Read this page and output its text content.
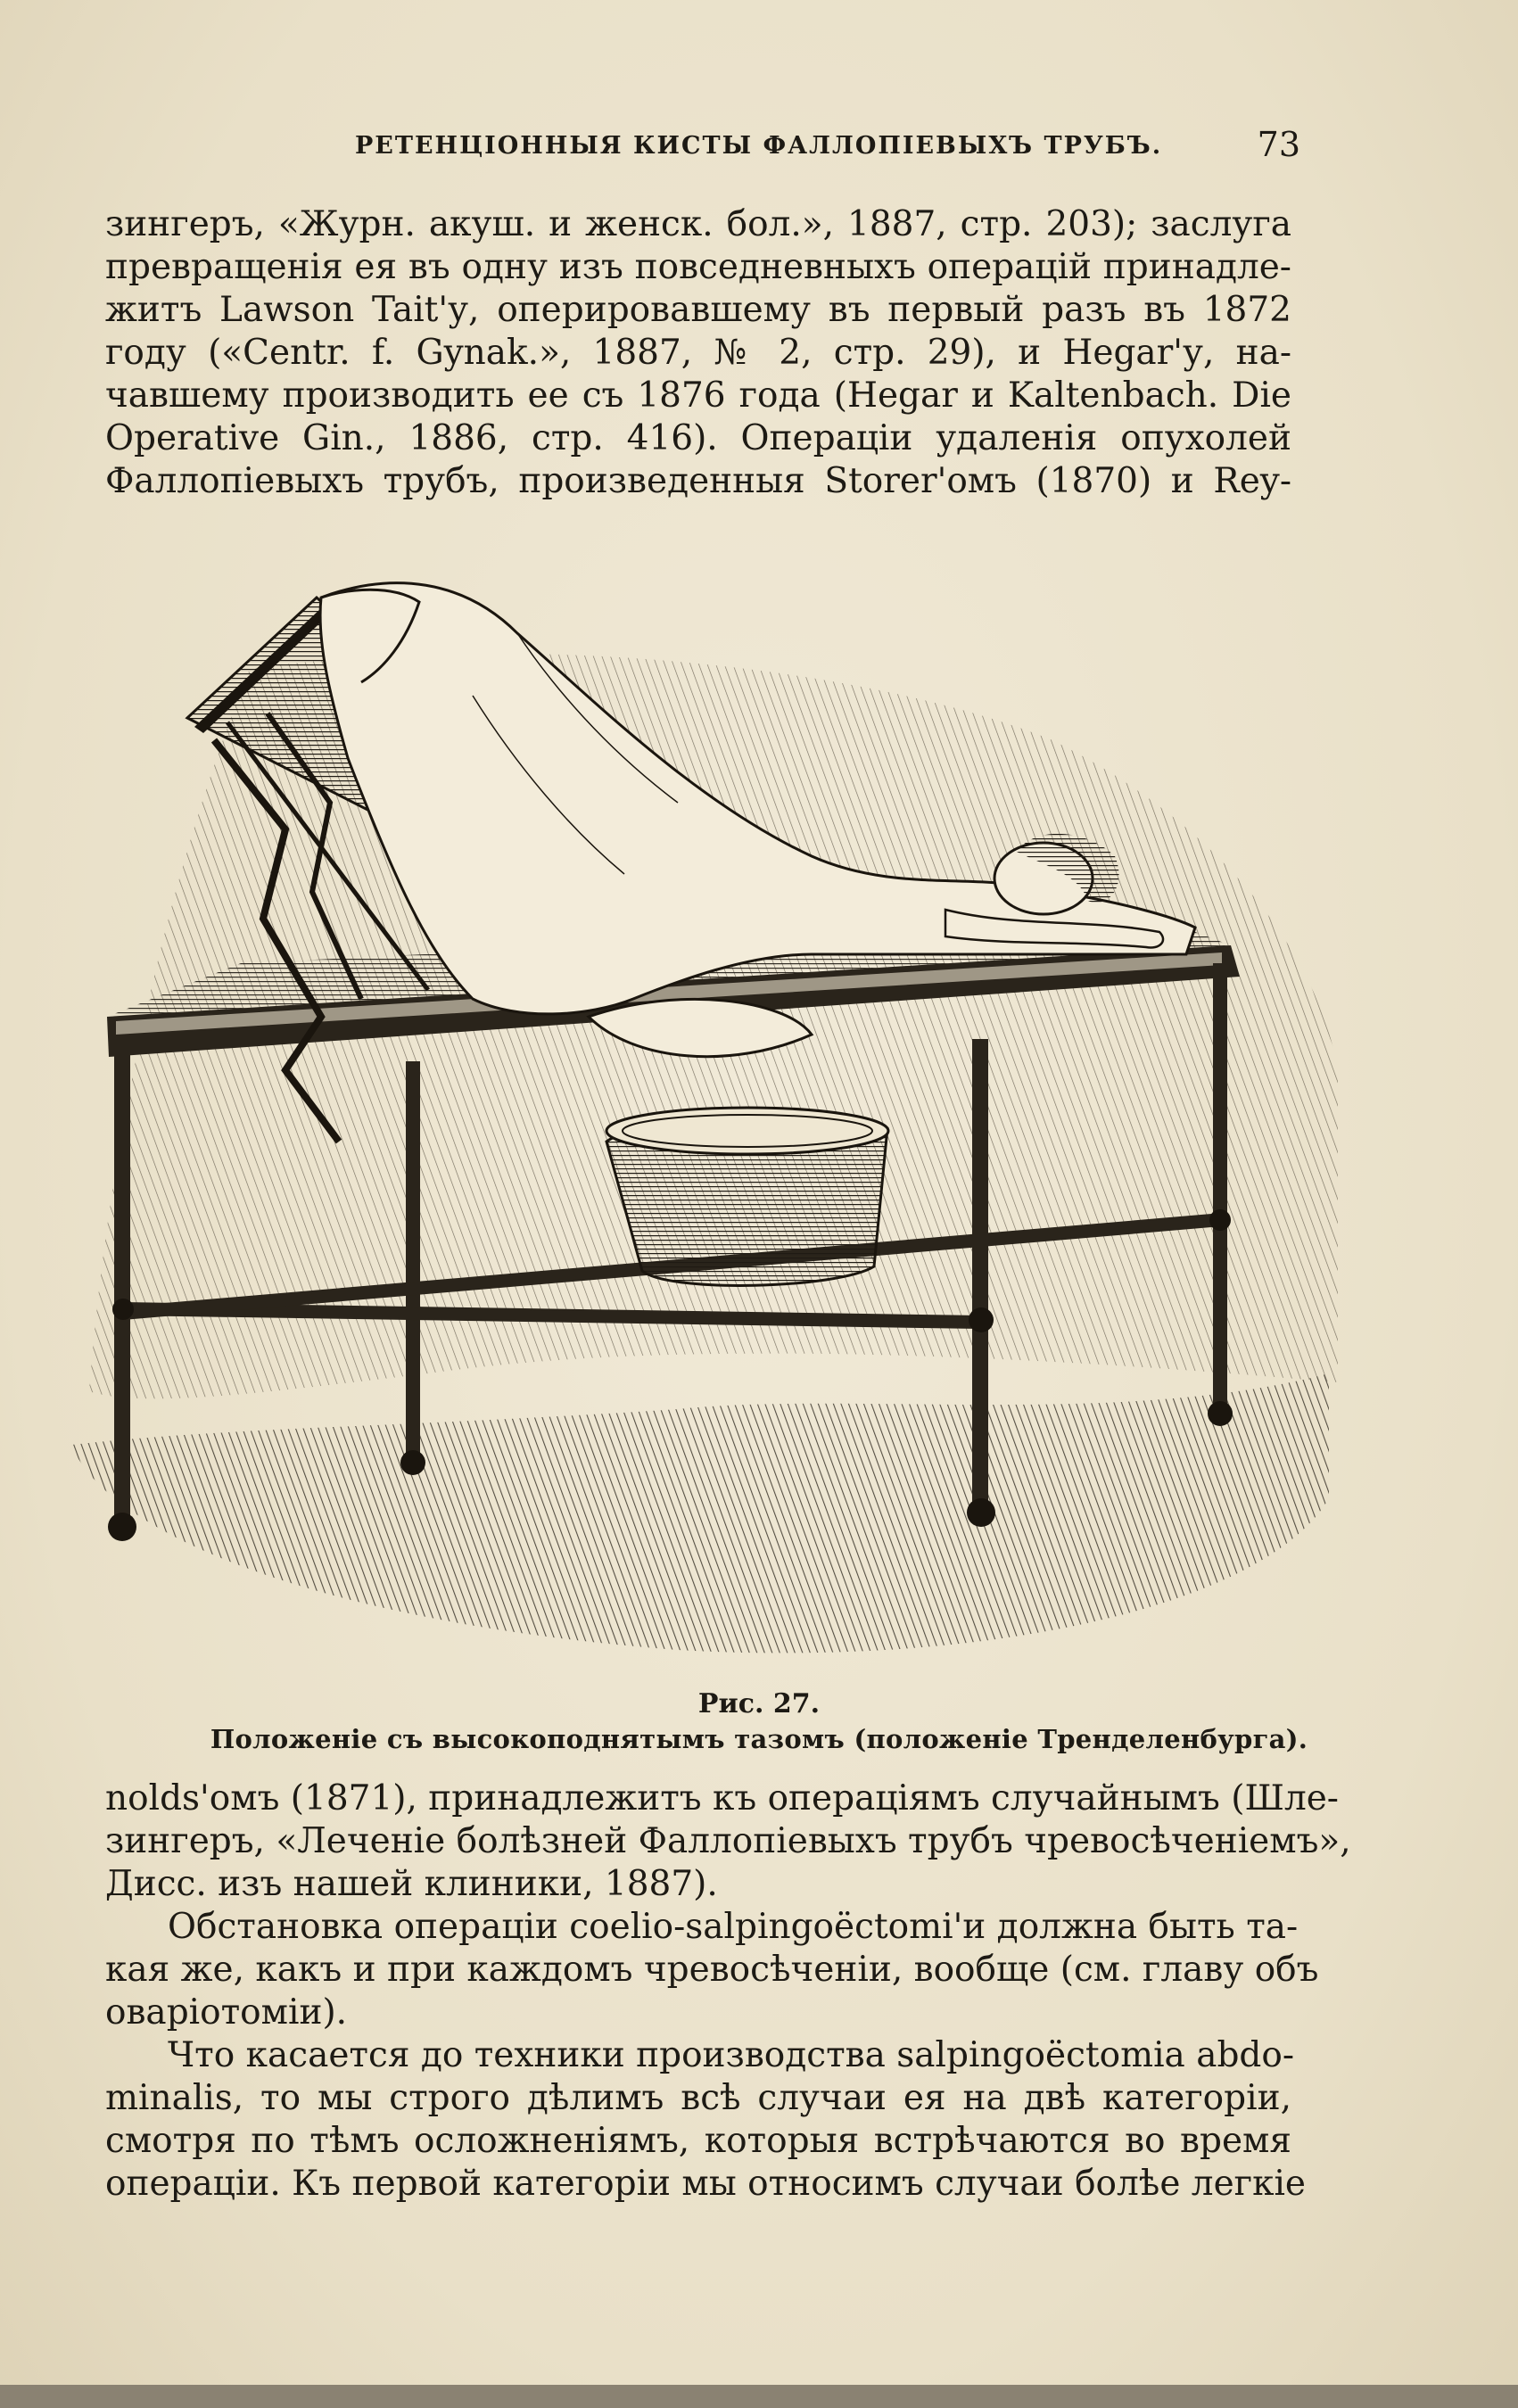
РЕТЕНЦІОННЫЯ КИСТЫ ФАЛЛОПІЕВЫХЪ ТРУБЪ.	73
зингеръ, «Журн. акуш. и женск. бол.», 1887, стр. 203); заслуга
превращенія ея въ одну изъ повседневныхъ операцій принадле-
житъ Lawson Tait'у, оперировавшему въ первый разъ въ 1872
году («Centr. f. Gynak.», 1887, № 2, стр. 29), и Hegar'у, на-
чавшему производить ее съ 1876 года (Hegar и Kaltenbach. Die
Operative Gin., 1886, стр. 416). Операціи удаленія опухолей
Фаллопіевыхъ трубъ, произведенныя Storer'омъ (1870) и Rey-
Рис. 27.
Положеніе съ высокоподнятымъ тазомъ (положеніе Тренделенбурга).
nolds'омъ (1871), принадлежитъ къ операціямъ случайнымъ (Шле-
зингеръ, «Леченіе болѣзней Фаллопіевыхъ трубъ чревосѣченіемъ»,
Дисс. изъ нашей клиники, 1887).
Обстановка операціи coelio-salpingoëctomi'и должна быть та-
кая же, какъ и при каждомъ чревосѣченіи, вообще (см. главу объ
оваріотоміи).
Что касается до техники производства salpingoëctomia abdo-
minalis, то мы строго дѣлимъ всѣ случаи ея на двѣ категоріи,
смотря по тѣмъ осложненіямъ, которыя встрѣчаются во время
операціи. Къ первой категоріи мы относимъ случаи болѣе легкіе
